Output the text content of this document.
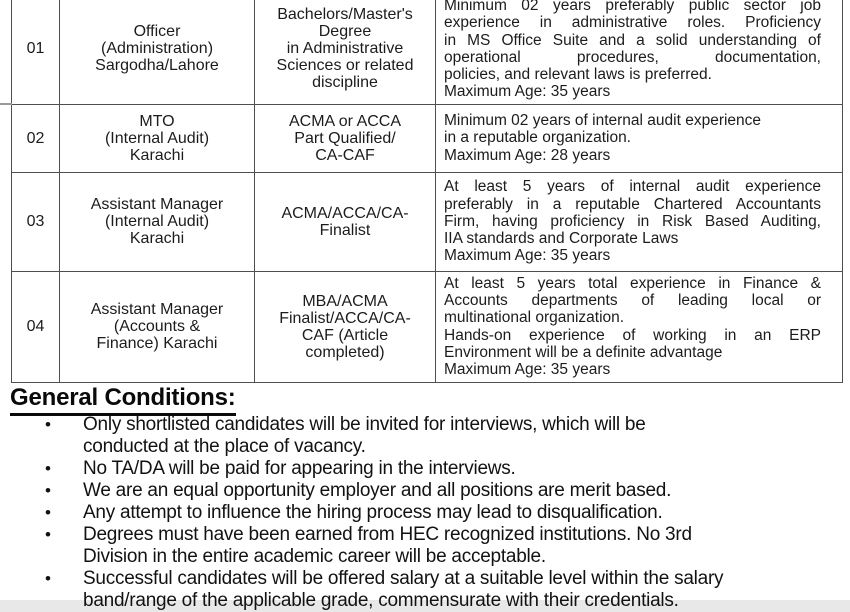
01

Officer
(Administration)
Sargodha/Lahore

Bachelors/Master's
Degree
in Administrative
Sciences or related
discipline

Minimum 02 years preferably public sector job
experience in administrative roles. Proficiency
in MS Office Suite and a solid understanding of
operational procedures, documentation,
policies, and relevant laws is preferred.
Maximum Age: 35 years

02

MTO
(Internal Audit)
Karachi

ACMA or ACCA
Part Qualified/
CA-CAF

Minimum 02 years of internal audit experience
in a reputable organization.
Maximum Age: 28 years

03

Assistant Manager
(Internal Audit)
Karachi

ACMA/ACCA/CA-
Finalist

At least 5 years of internal audit experience
preferably in a reputable Chartered Accountants
Firm, having proficiency in Risk Based Auditing,
IIA standards and Corporate Laws
Maximum Age: 35 years

04

Assistant Manager
(Accounts &
Finance) Karachi

MBA/ACMA
Finalist/ACCA/CA-
CAF (Article
completed)

At least 5 years total experience in Finance &
Accounts departments of leading local or
multinational organization.
Hands-on experience of working in an ERP
Environment will be a definite advantage
Maximum Age: 35 years
General Conditions:
•	Only shortlisted candidates will be invited for interviews, which will be
conducted at the place of vacancy.
•	No TA/DA will be paid for appearing in the interviews.
•	We are an equal opportunity employer and all positions are merit based.
•	Any attempt to influence the hiring process may lead to disqualification.
•	Degrees must have been earned from HEC recognized institutions. No 3rd
Division in the entire academic career will be acceptable.
•	Successful candidates will be offered salary at a suitable level within the salary
band/range of the applicable grade, commensurate with their credentials.
